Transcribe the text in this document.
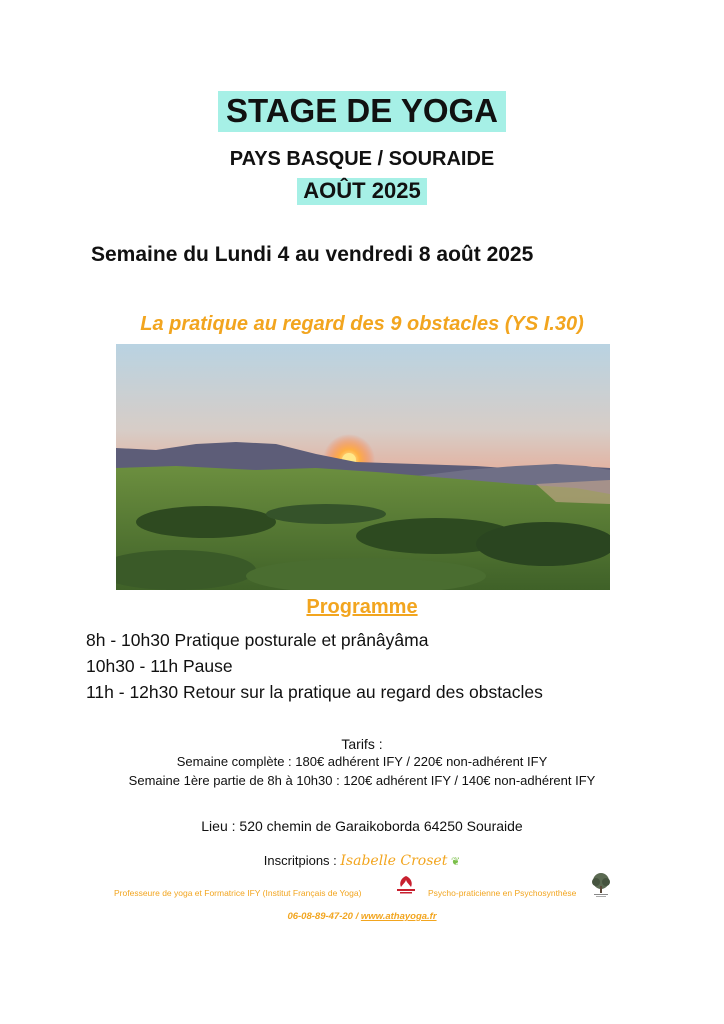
STAGE DE YOGA
PAYS BASQUE / SOURAIDE
AOÛT 2025
Semaine du Lundi 4 au vendredi 8 août 2025
La pratique au regard des 9 obstacles (YS I.30)
Programme
8h - 10h30 Pratique posturale et prânâyâma
10h30 - 11h Pause
11h - 12h30 Retour sur la pratique au regard des obstacles
Tarifs :
Semaine complète : 180€ adhérent IFY / 220€ non-adhérent IFY
Semaine 1ère partie de 8h à 10h30 : 120€ adhérent IFY / 140€ non-adhérent IFY
Lieu : 520 chemin de Garaikoborda 64250 Souraide
Inscritpions : Isabelle Croset ❦
Professeure de yoga et Formatrice IFY (Institut Français de Yoga)	Psycho-praticienne en Psychosynthèse
06-08-89-47-20 / www.athayoga.fr
